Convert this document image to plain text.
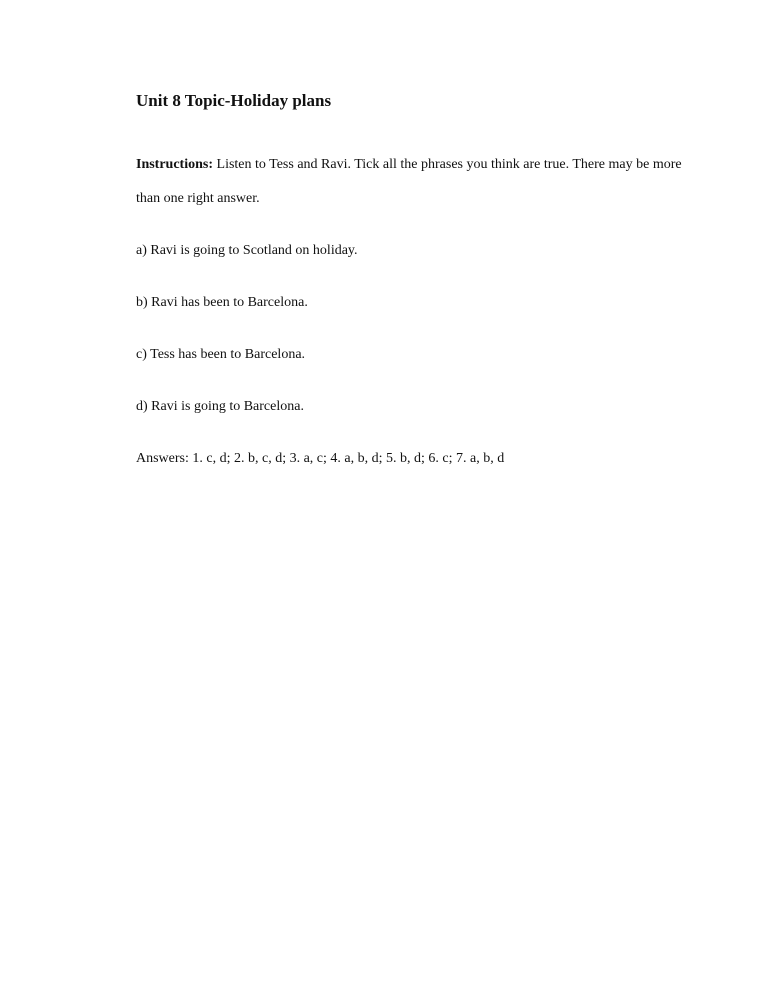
Unit 8 Topic-Holiday plans

Instructions: Listen to Tess and Ravi. Tick all the phrases you think are true. There may be more than one right answer.

a) Ravi is going to Scotland on holiday.

b) Ravi has been to Barcelona.

c) Tess has been to Barcelona.

d) Ravi is going to Barcelona.

Answers: 1. c, d; 2. b, c, d; 3. a, c; 4. a, b, d; 5. b, d; 6. c; 7. a, b, d
